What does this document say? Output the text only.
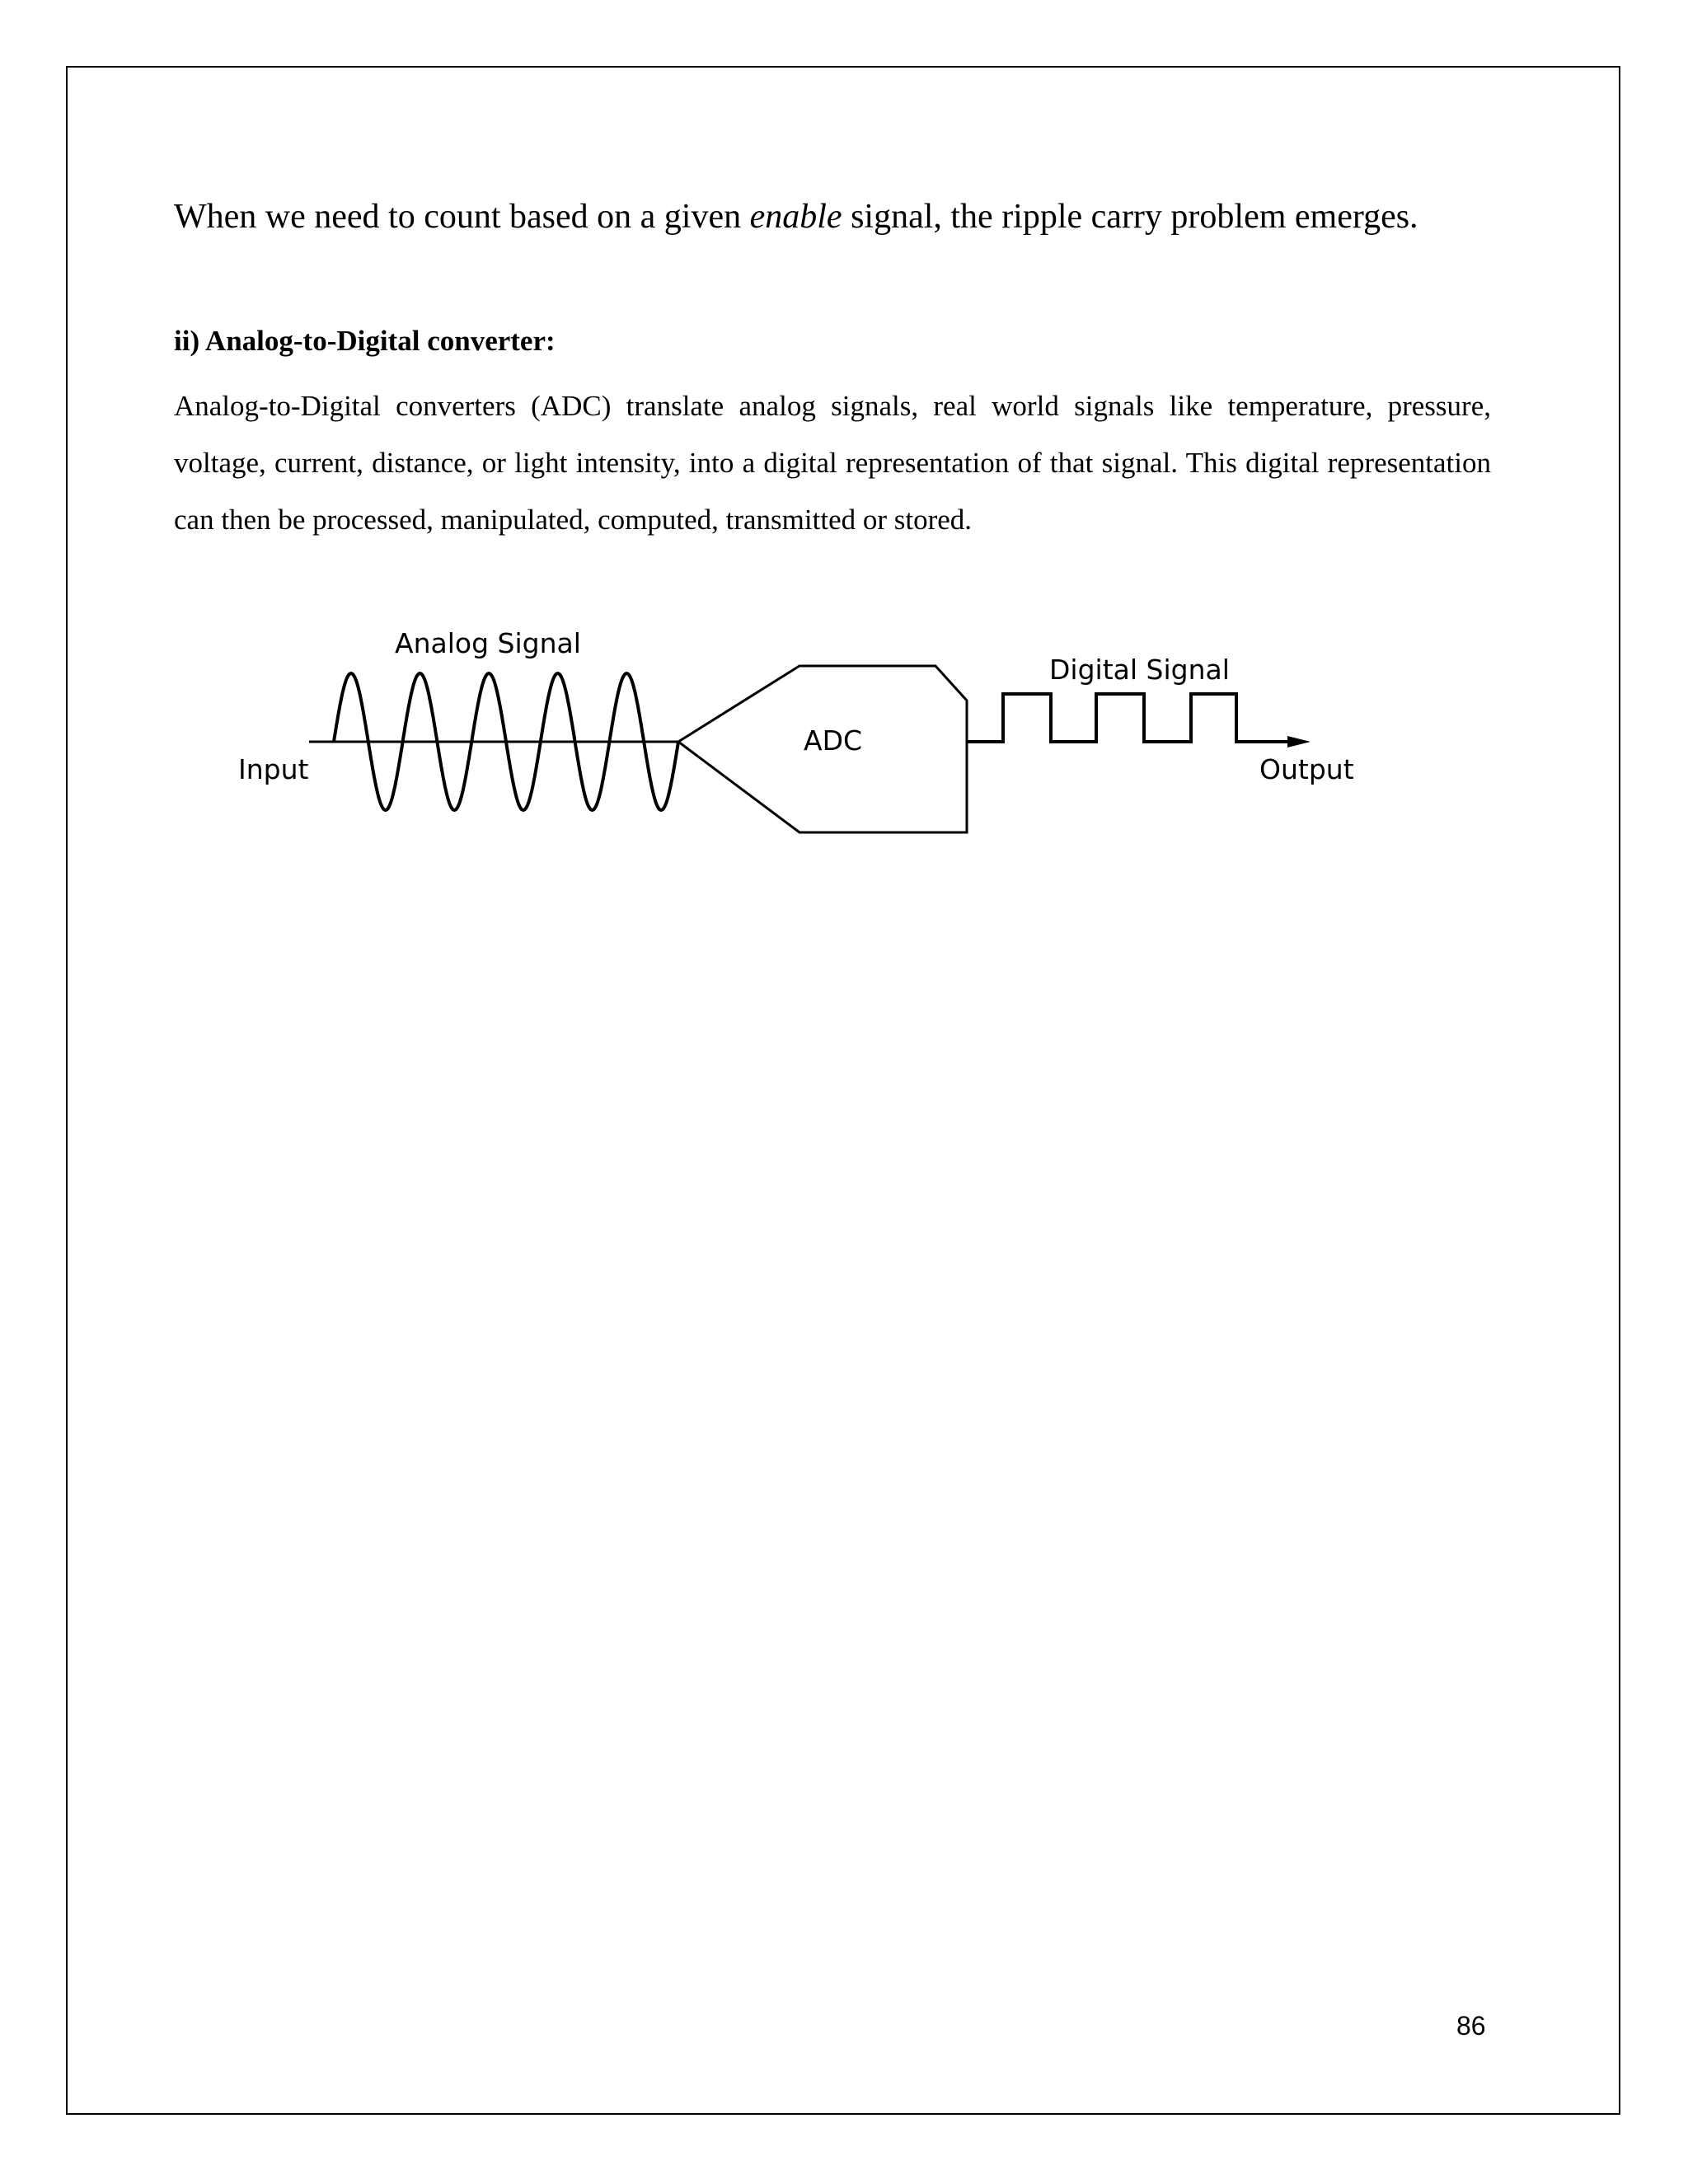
When we need to count based on a given enable signal, the ripple carry problem emerges.

ii) Analog-to-Digital converter:

Analog-to-Digital converters (ADC) translate analog signals, real world signals like temperature, pressure, voltage, current, distance, or light intensity, into a digital representation of that signal. This digital representation can then be processed, manipulated, computed, transmitted or stored.

Analog Signal
Digital Signal
ADC
Input	Output

86
